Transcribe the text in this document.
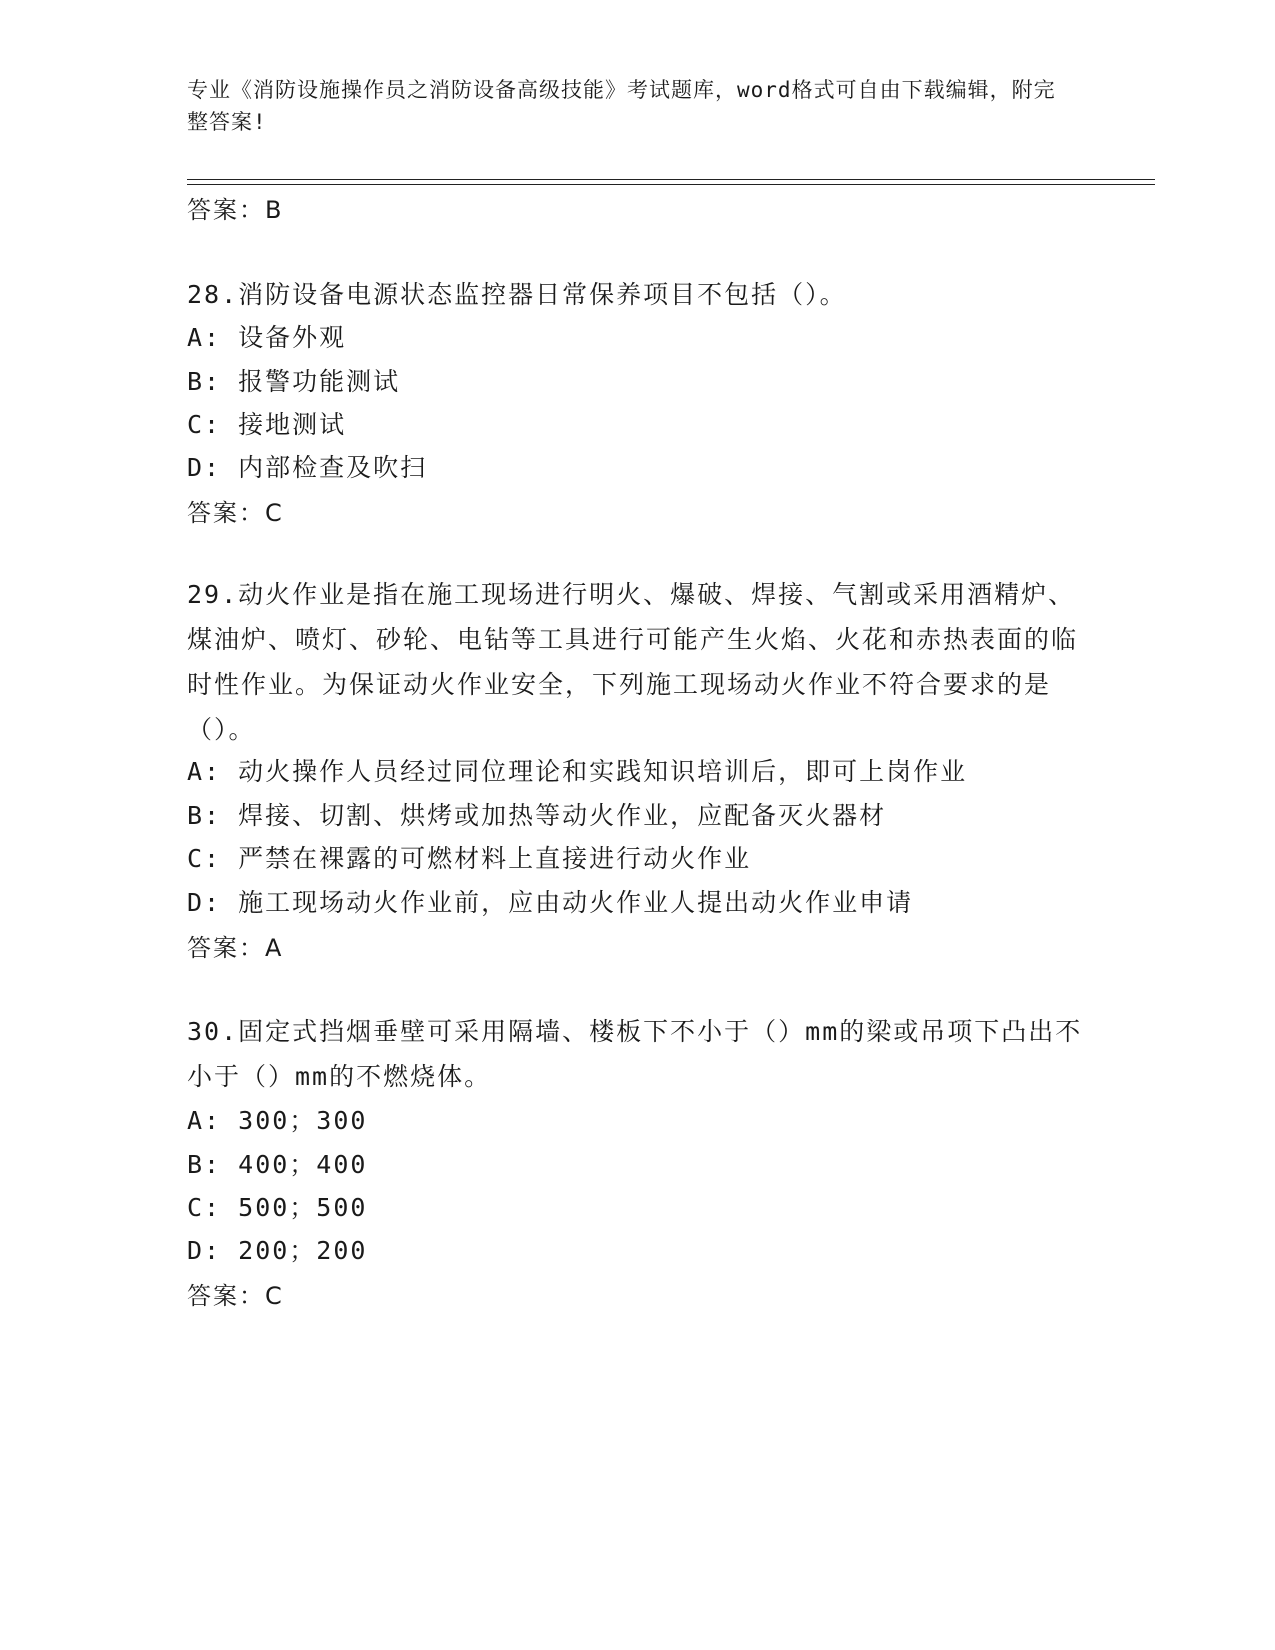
专业《消防设施操作员之消防设备高级技能》考试题库，word格式可自由下载编辑，附完整答案!
答案：B
28.消防设备电源状态监控器日常保养项目不包括（）。
A: 设备外观
B: 报警功能测试
C: 接地测试
D: 内部检查及吹扫
答案：C
29.动火作业是指在施工现场进行明火、爆破、焊接、气割或采用酒精炉、煤油炉、喷灯、砂轮、电钻等工具进行可能产生火焰、火花和赤热表面的临时性作业。为保证动火作业安全，下列施工现场动火作业不符合要求的是（）。
A: 动火操作人员经过同位理论和实践知识培训后，即可上岗作业
B: 焊接、切割、烘烤或加热等动火作业，应配备灭火器材
C: 严禁在裸露的可燃材料上直接进行动火作业
D: 施工现场动火作业前，应由动火作业人提出动火作业申请
答案：A
30.固定式挡烟垂壁可采用隔墙、楼板下不小于（）mm的梁或吊项下凸出不小于（）mm的不燃烧体。
A: 300；300
B: 400；400
C: 500；500
D: 200；200
答案：C
